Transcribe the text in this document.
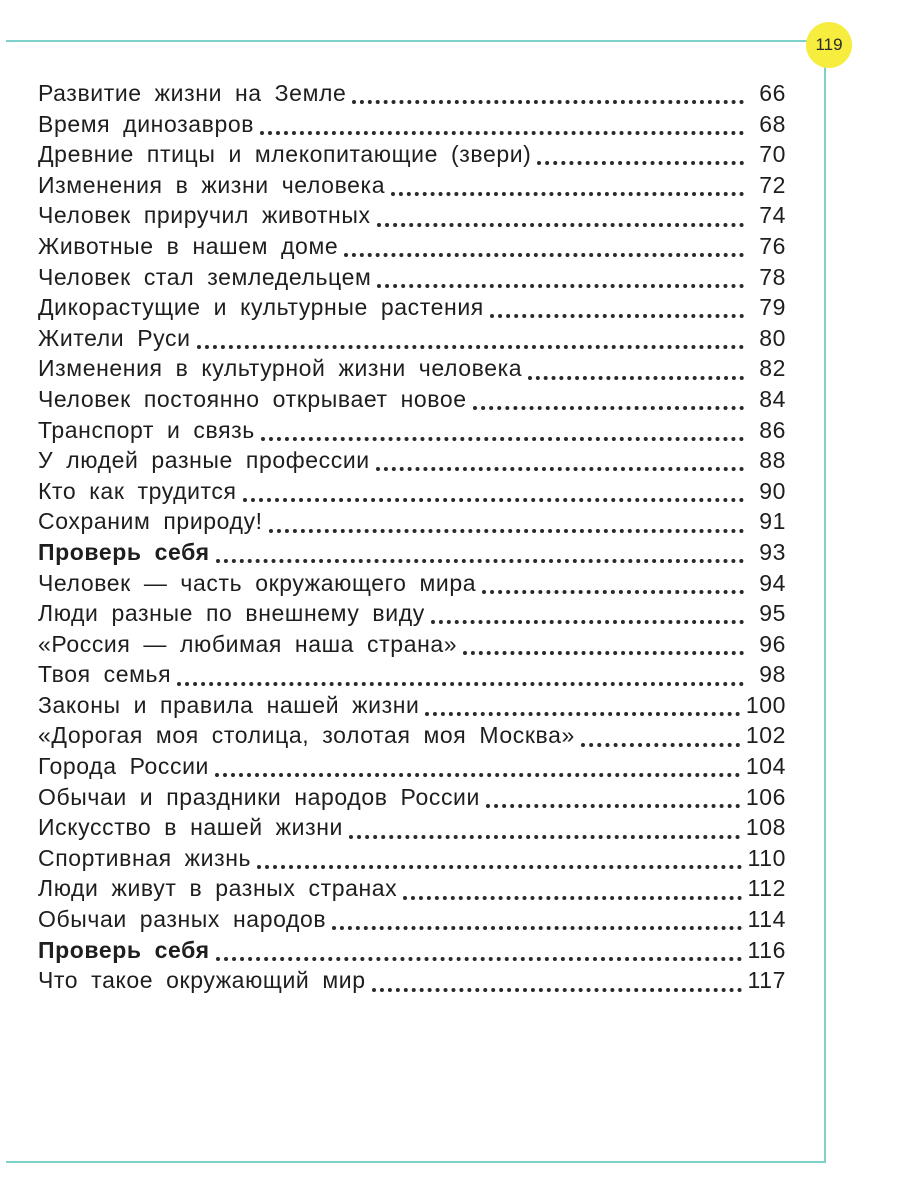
119
Развитие жизни на Земле	66
Время динозавров	68
Древние птицы и млекопитающие (звери)	70
Изменения в жизни человека	72
Человек приручил животных	74
Животные в нашем доме	76
Человек стал земледельцем	78
Дикорастущие и культурные растения	79
Жители Руси	80
Изменения в культурной жизни человека	82
Человек постоянно открывает новое	84
Транспорт и связь	86
У людей разные профессии	88
Кто как трудится	90
Сохраним природу!	91
Проверь себя	93
Человек — часть окружающего мира	94
Люди разные по внешнему виду	95
«Россия — любимая наша страна»	96
Твоя семья	98
Законы и правила нашей жизни	100
«Дорогая моя столица, золотая моя Москва»	102
Города России	104
Обычаи и праздники народов России	106
Искусство в нашей жизни	108
Спортивная жизнь	110
Люди живут в разных странах	112
Обычаи разных народов	114
Проверь себя	116
Что такое окружающий мир	117
